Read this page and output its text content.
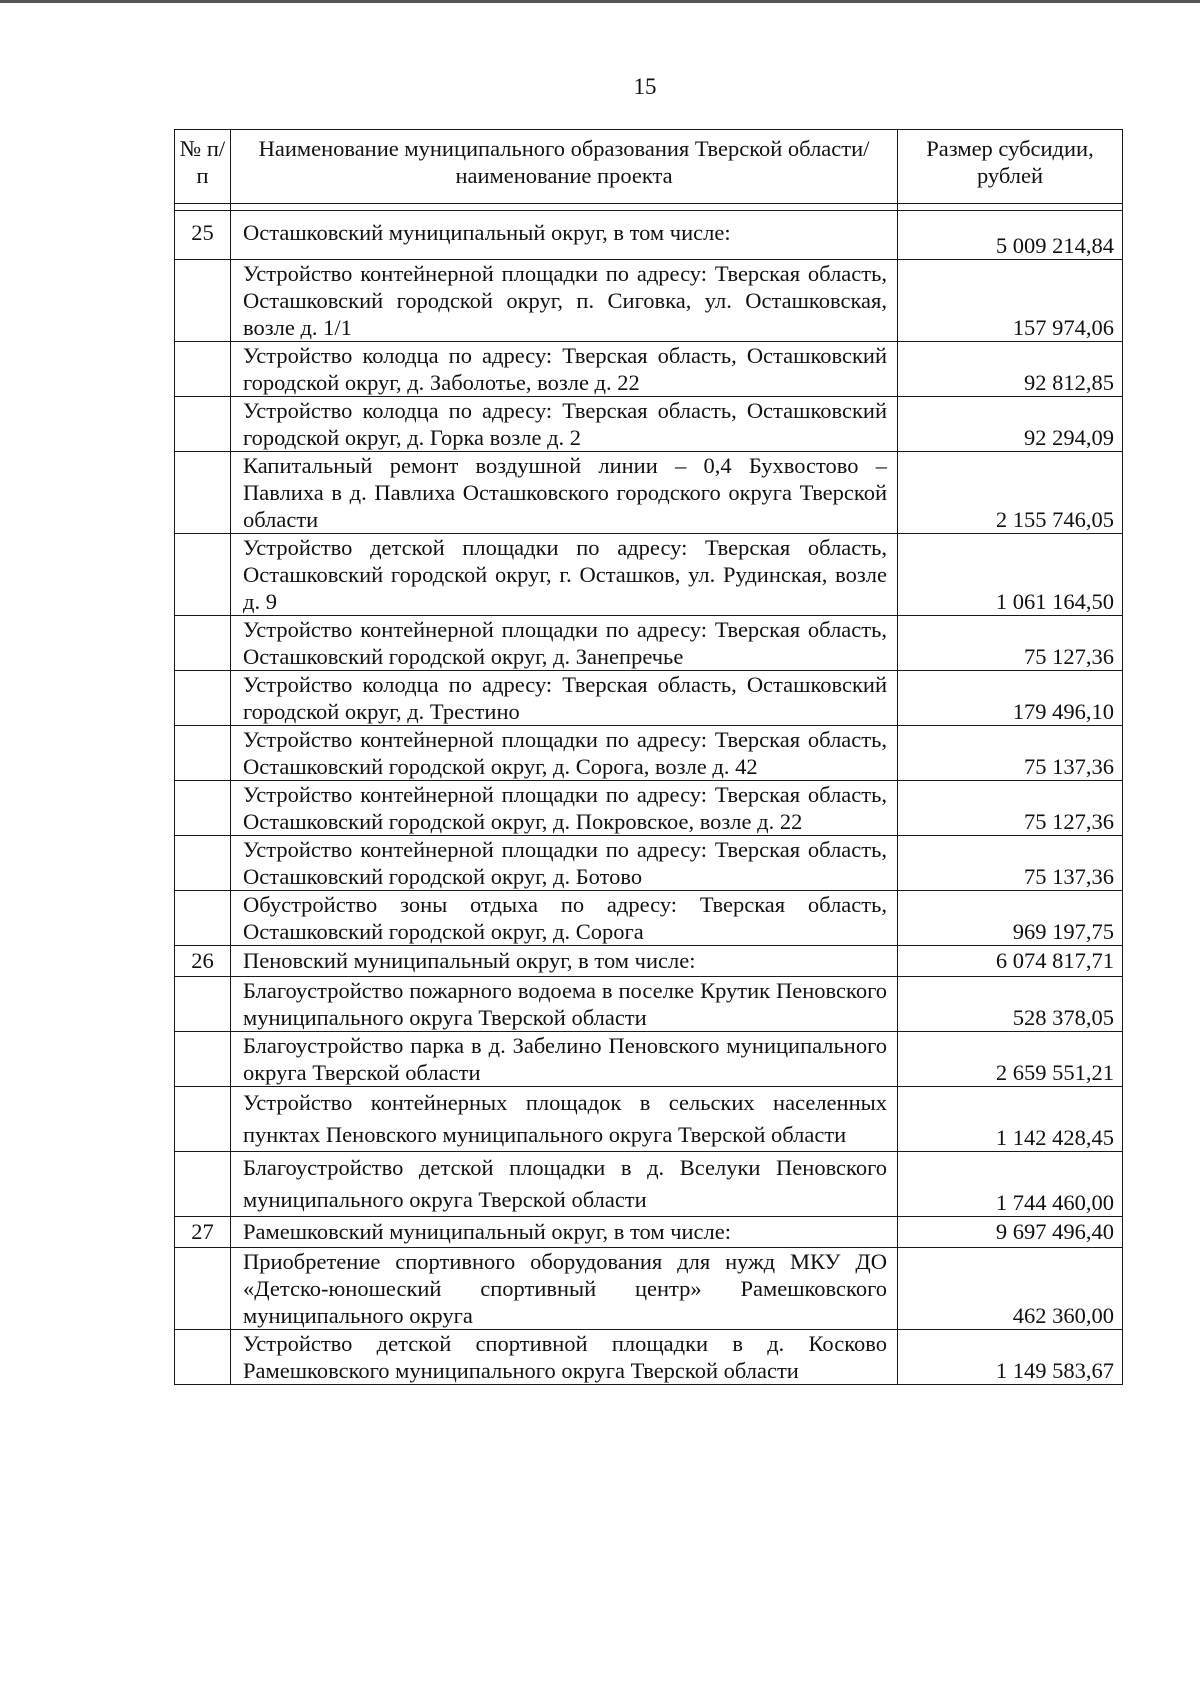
15
№ п/п	Наименование муниципального образования Тверской области/наименование проекта	Размер субсидии, рублей

25	Осташковский муниципальный округ, в том числе:	5 009 214,84
	Устройство контейнерной площадки по адресу: Тверская область, Осташковский городской округ, п. Сиговка, ул. Осташковская, возле д. 1/1	157 974,06
	Устройство колодца по адресу: Тверская область, Осташковский городской округ, д. Заболотье, возле д. 22	92 812,85
	Устройство колодца по адресу: Тверская область, Осташковский городской округ, д. Горка возле д. 2	92 294,09
	Капитальный ремонт воздушной линии – 0,4 Бухвостово – Павлиха в д. Павлиха Осташковского городского округа Тверской области	2 155 746,05
	Устройство детской площадки по адресу: Тверская область, Осташковский городской округ, г. Осташков, ул. Рудинская, возле д. 9	1 061 164,50
	Устройство контейнерной площадки по адресу: Тверская область, Осташковский городской округ, д. Занепречье	75 127,36
	Устройство колодца по адресу: Тверская область, Осташковский городской округ, д. Трестино	179 496,10
	Устройство контейнерной площадки по адресу: Тверская область, Осташковский городской округ, д. Сорога, возле д. 42	75 137,36
	Устройство контейнерной площадки по адресу: Тверская область, Осташковский городской округ, д. Покровское, возле д. 22	75 127,36
	Устройство контейнерной площадки по адресу: Тверская область, Осташковский городской округ, д. Ботово	75 137,36
	Обустройство зоны отдыха по адресу: Тверская область, Осташковский городской округ, д. Сорога	969 197,75
26	Пеновский муниципальный округ, в том числе:	6 074 817,71
	Благоустройство пожарного водоема в поселке Крутик Пеновского муниципального округа Тверской области	528 378,05
	Благоустройство парка в д. Забелино Пеновского муниципального округа Тверской области	2 659 551,21
	Устройство контейнерных площадок в сельских населенных пунктах Пеновского муниципального округа Тверской области	1 142 428,45
	Благоустройство детской площадки в д. Вселуки Пеновского муниципального округа Тверской области	1 744 460,00
27	Рамешковский муниципальный округ, в том числе:	9 697 496,40
	Приобретение спортивного оборудования для нужд МКУ ДО «Детско-юношеский спортивный центр» Рамешковского муниципального округа	462 360,00
	Устройство детской спортивной площадки в д. Косково Рамешковского муниципального округа Тверской области	1 149 583,67
